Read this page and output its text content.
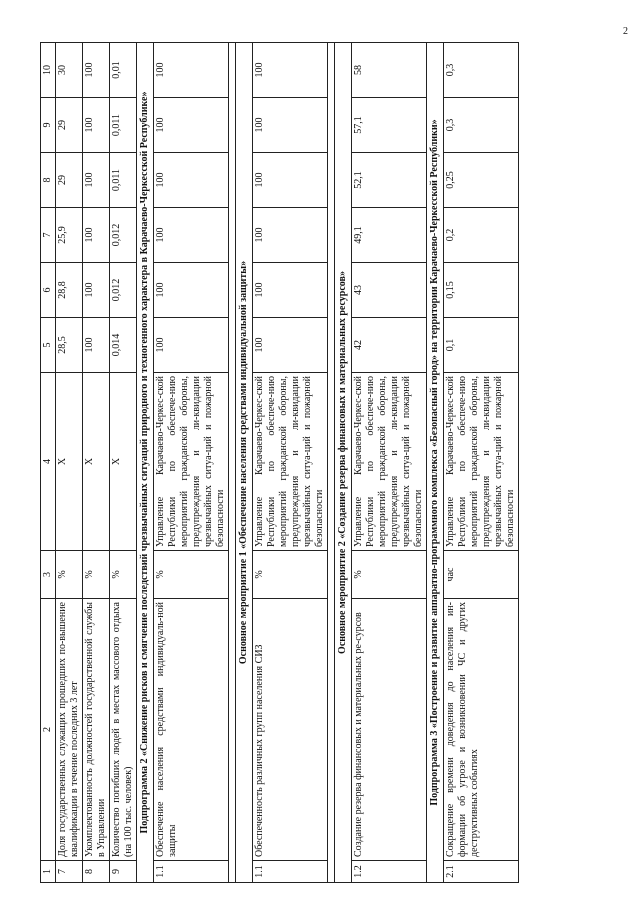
2
1	2	3	4	5	6	7	8	9	10
7	Доля государственных служащих прошедших по-вышение квалификации в течение последних 3 лет	%	Х	28,5	28,8	25,9	29	29	30
8	Укомплектованность должностей государственной службы в Управлении	%	Х	100	100	100	100	100	100
9	Количество погибших людей в местах массового отдыха (на 100 тыс. человек)	%	Х	0,014	0,012	0,012	0,011	0,011	0,01
Подпрограмма 2 «Снижение рисков и смягчение последствий чрезвычайных ситуаций природного и техногенного характера в Карачаево-Черкесской Республике»									
1.1	Обеспечение населения средствами индивидуаль-ной защиты	%	Управление Карачаево-Черкес-ской Республики по обеспече-нию мероприятий гражданской обороны, предупреждения и ли-квидации чрезвычайных ситуа-ций и пожарной безопасности	100	100	100	100	100	100

Основное мероприятие 1 «Обеспечение населения средствами индивидуальной защиты»									
1.1	Обеспеченность различных групп населения СИЗ	%	Управление Карачаево-Черкес-ской Республики по обеспече-нию мероприятий гражданской обороны, предупреждения и ли-квидации чрезвычайных ситуа-ций и пожарной безопасности	100	100	100	100	100	100

Основное мероприятие 2 «Создание резерва финансовых и материальных ресурсов»									
1.2	Создание резерва финансовых и материальных ре-сурсов	%	Управление Карачаево-Черкес-ской Республики по обеспече-нию мероприятий гражданской обороны, предупреждения и ли-квидации чрезвычайных ситуа-ций и пожарной безопасности	42	43	49,1	52,1	57,1	58
Подпрограмма 3 «Построение и развитие аппаратно-программного комплекса «Безопасный город» на территории Карачаево-Черкесской Республики»									
2.1	Сокращение времени доведения до населения ин-формации об угрозе и возникновении ЧС и других деструктивных событиях	час	Управление Карачаево-Черкес-ской Республики по обеспече-нию мероприятий гражданской обороны, предупреждения и ли-квидации чрезвычайных ситуа-ций и пожарной безопасности	0,1	0,15	0,2	0,25	0,3	0,3
